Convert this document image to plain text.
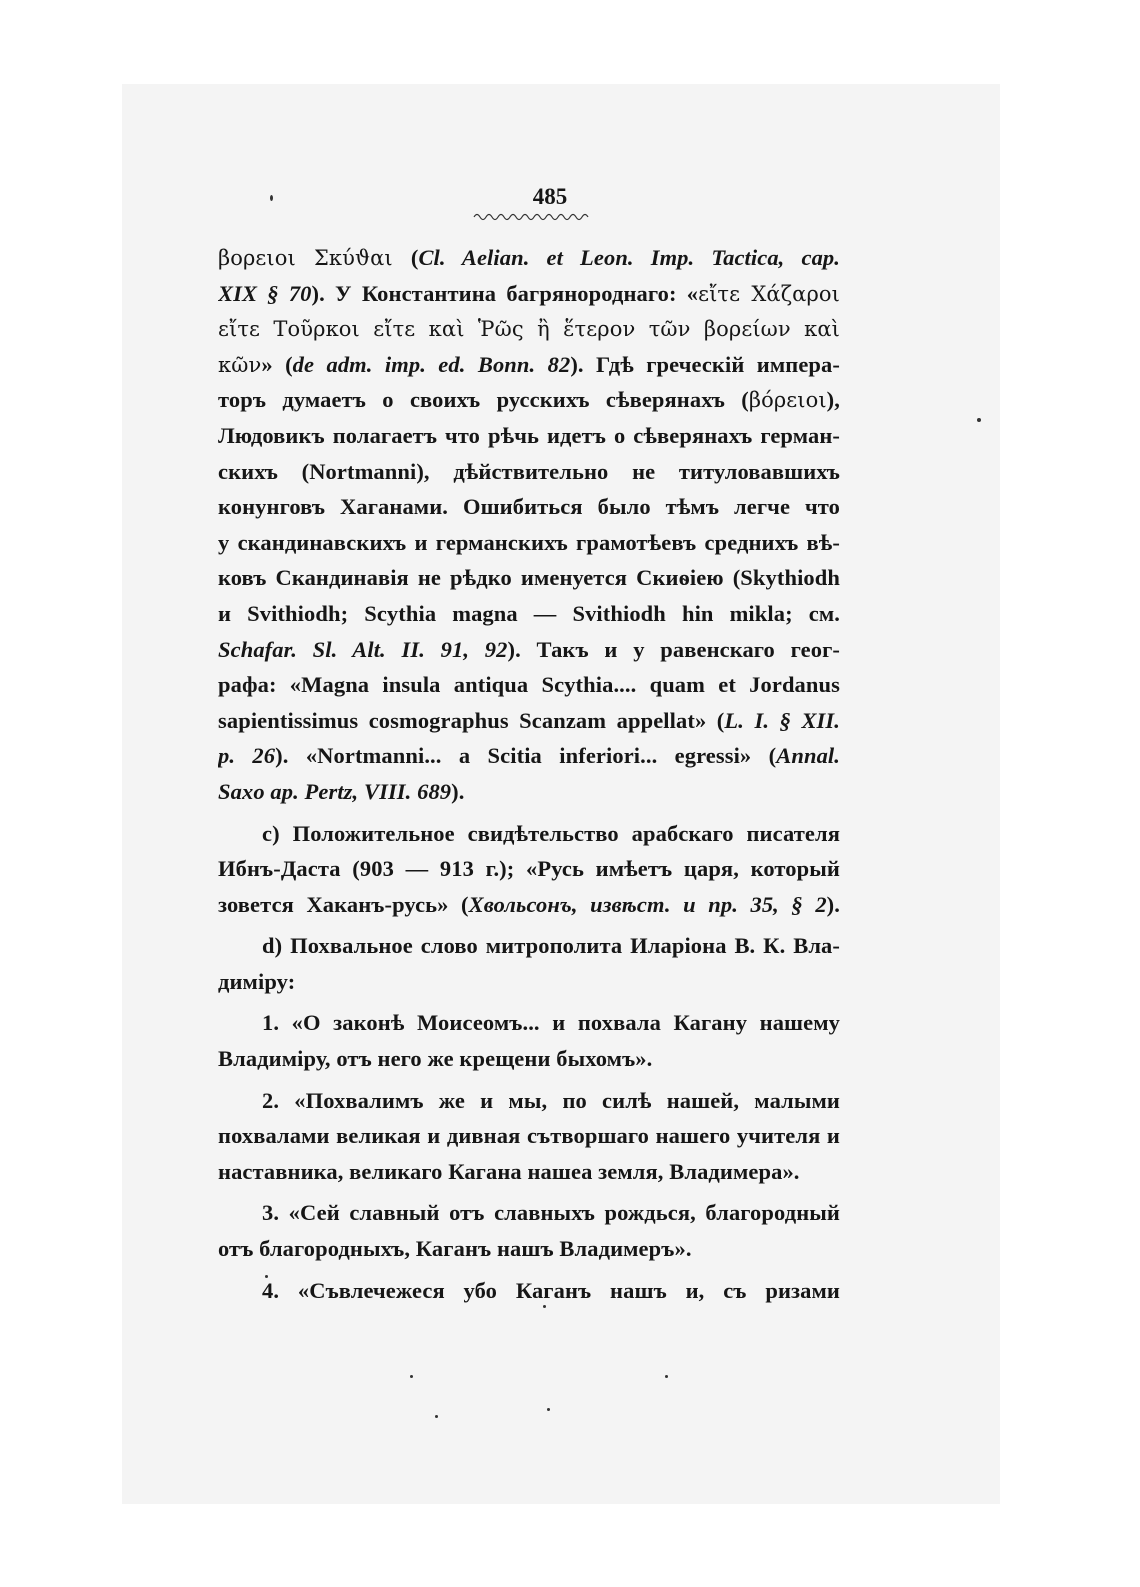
485
βορειοι Σκύϑαι (Cl. Aelian. et Leon. Imp. Tactica, cap.
XIX § 70). У Константина багрянороднаго: «εἴτε Χάζαροι
εἴτε Τοῦρκοι εἴτε καὶ Ῥῶς ἢ ἕτερον τῶν βορείων καὶ
κῶν» (de adm. imp. ed. Bonn. 82). Гдѣ греческій импера-
торъ думаетъ о своихъ русскихъ сѣверянахъ (βόρειοι),
Людовикъ полагаетъ что рѣчь идетъ о сѣверянахъ герман-
скихъ (Nortmanni), дѣйствительно не титуловавшихъ
конунговъ Хаганами. Ошибиться было тѣмъ легче что
у скандинавскихъ и германскихъ грамотѣевъ среднихъ вѣ-
ковъ Скандинавія не рѣдко именуется Скиѳіею (Skythiodh
и Svithiodh; Scythia magna — Svithiodh hin mikla; см.
Schafar. Sl. Alt. II. 91, 92). Такъ и у равенскаго геог-
рафа: «Magna insula antiqua Scythia.... quam et Jordanus
sapientissimus cosmographus Scanzam appellat» (L. I. § XII.
p. 26). «Nortmanni... a Scitia inferiori... egressi» (Annal.
Saxo ap. Pertz, VIII. 689).
c) Положительное свидѣтельство арабскаго писателя
Ибнъ-Даста (903 — 913 г.); «Русь имѣетъ царя, который
зовется Хаканъ-русь» (Хвольсонъ, извѣст. и пр. 35, § 2).
d) Похвальное слово митрополита Иларіона В. К. Вла-
диміру:
1. «О законѣ Моисеомъ... и похвала Кагану нашему
Владиміру, отъ него же крещени быхомъ».
2. «Похвалимъ же и мы, по силѣ нашей, малыми
похвалами великая и дивная сътворшаго нашего учителя и
наставника, великаго Кагана нашеа земля, Владимера».
3. «Сей славный отъ славныхъ рождься, благородный
отъ благородныхъ, Каганъ нашъ Владимеръ».
4. «Съвлечежеся убо Каганъ нашъ и, съ ризами
